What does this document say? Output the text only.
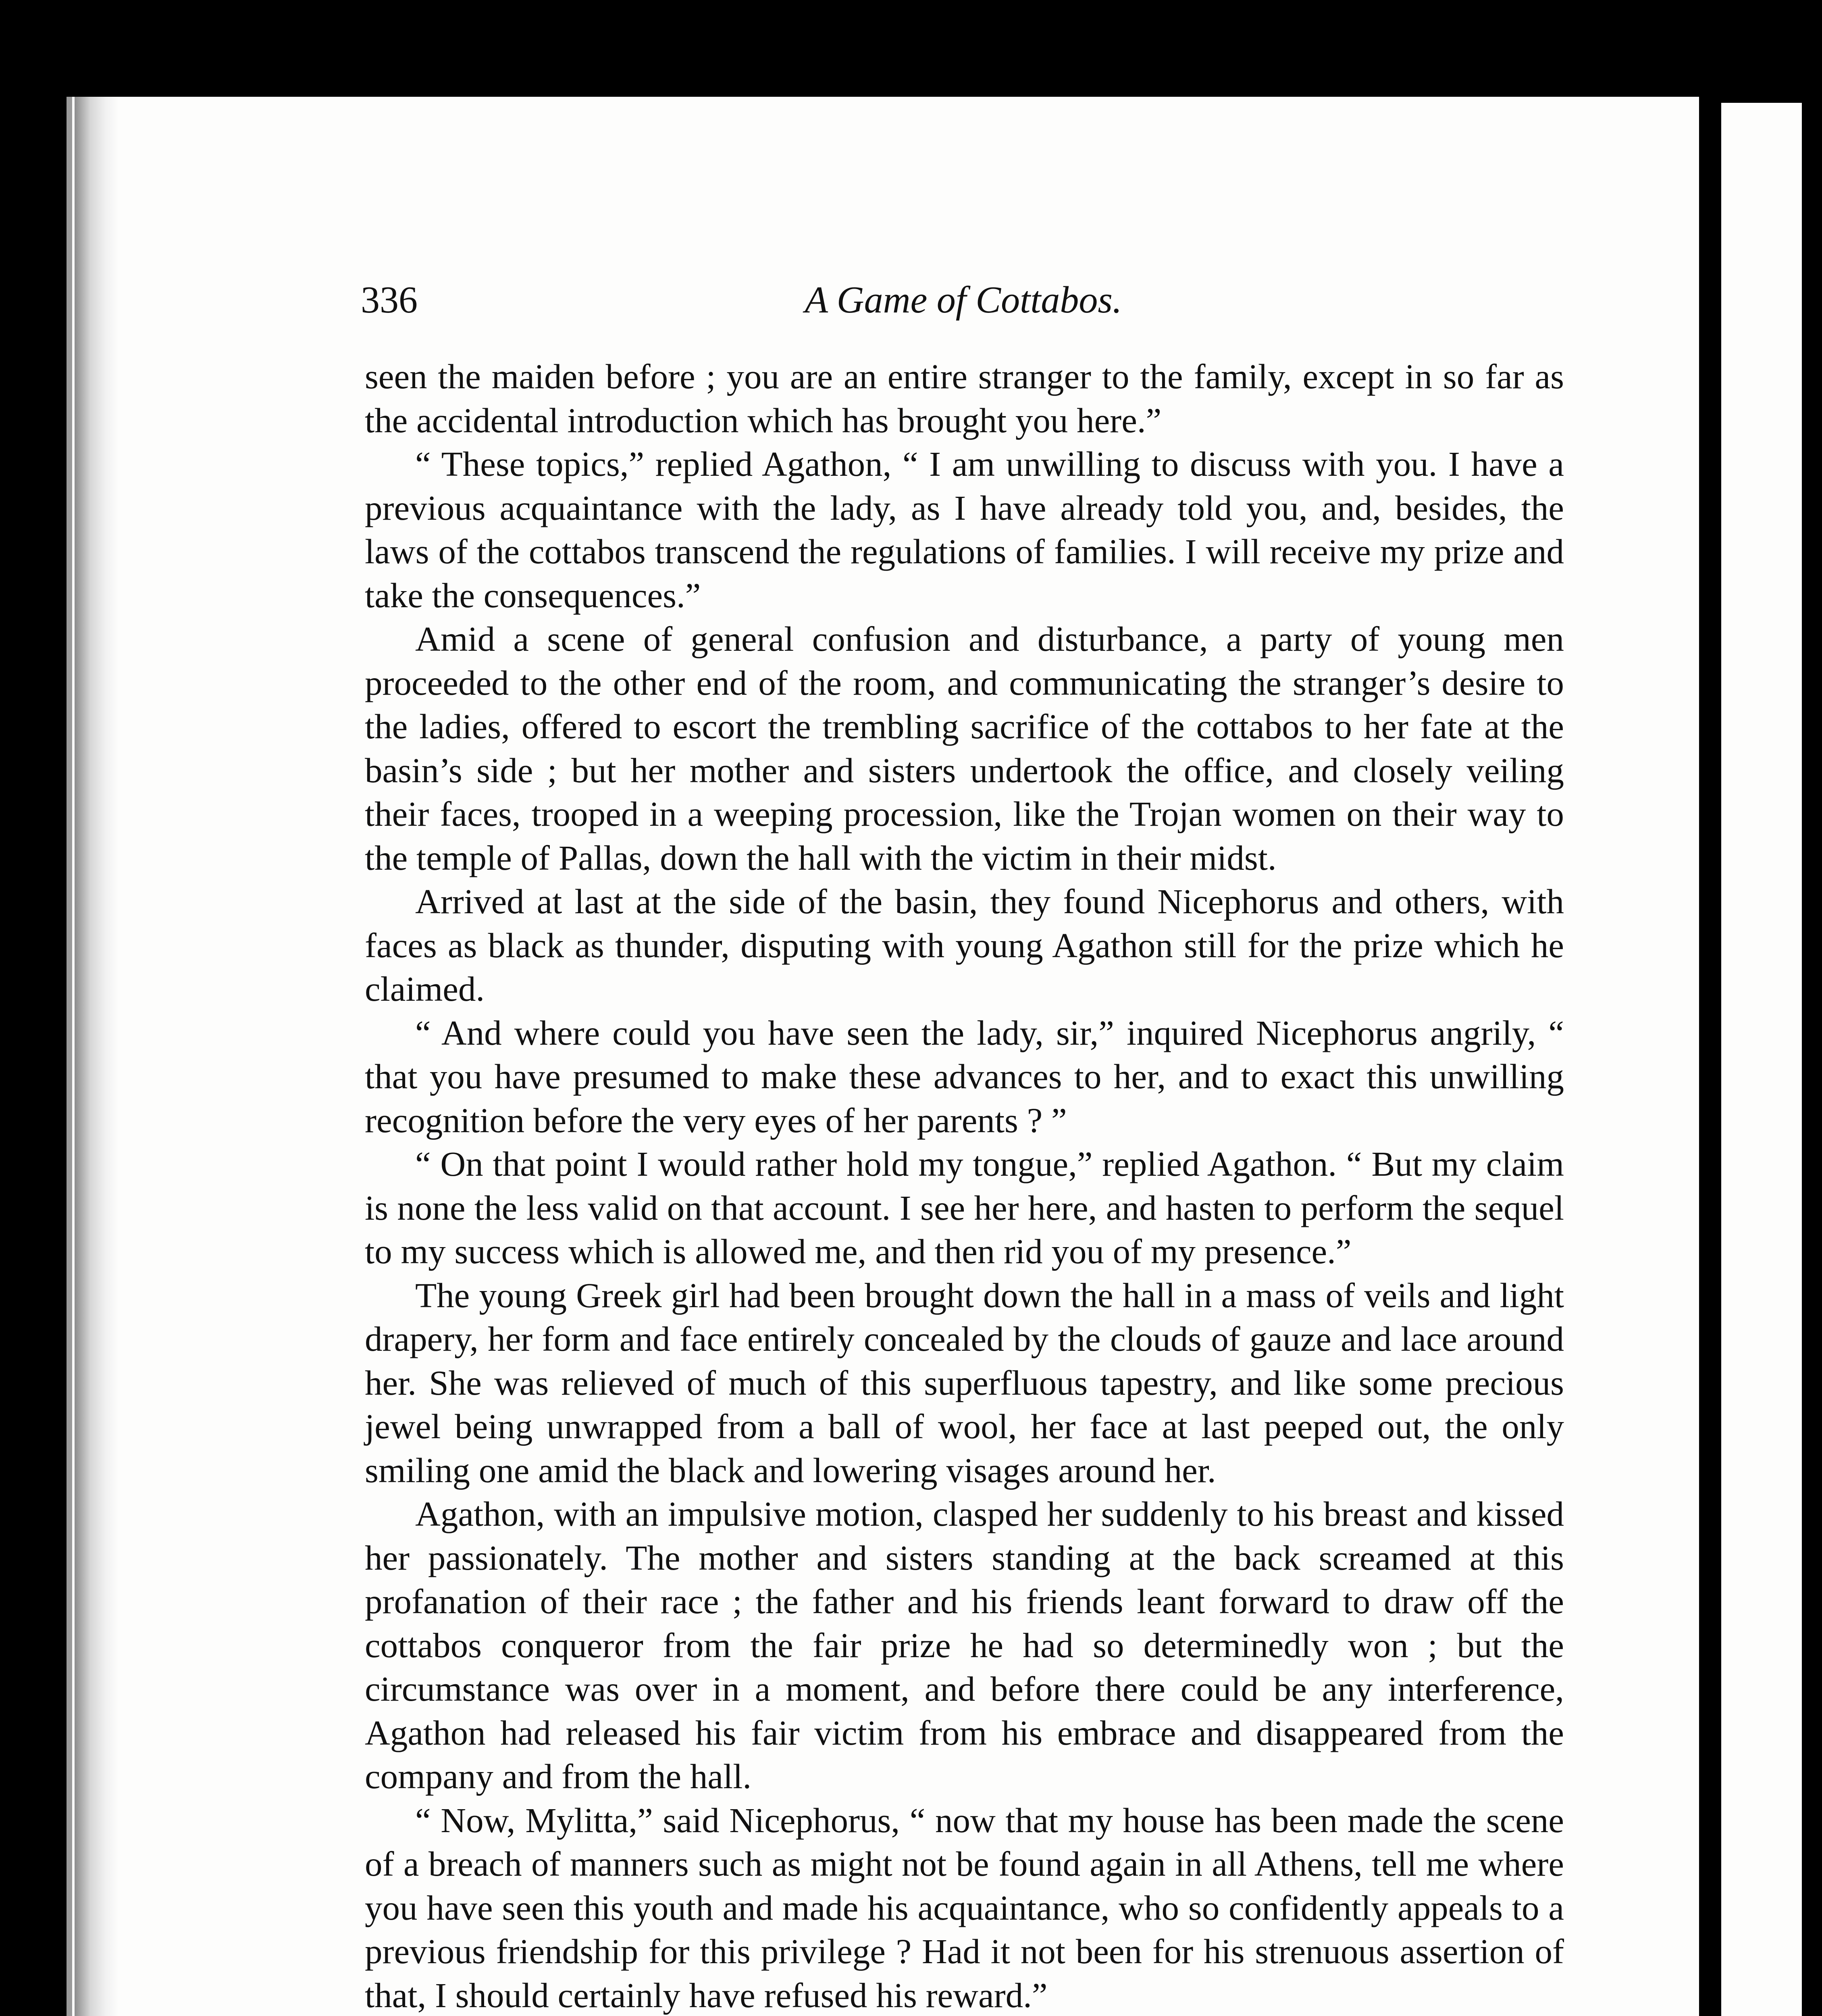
336	A Game of Cottabos.

seen the maiden before ; you are an entire stranger to the family, except in so far as the accidental introduction which has brought you here.”

“ These topics,” replied Agathon, “ I am unwilling to discuss with you. I have a previous acquaintance with the lady, as I have already told you, and, besides, the laws of the cottabos transcend the regulations of families. I will receive my prize and take the consequences.”

Amid a scene of general confusion and disturbance, a party of young men proceeded to the other end of the room, and communicating the stranger’s desire to the ladies, offered to escort the trembling sacrifice of the cottabos to her fate at the basin’s side ; but her mother and sisters undertook the office, and closely veiling their faces, trooped in a weeping procession, like the Trojan women on their way to the temple of Pallas, down the hall with the victim in their midst.

Arrived at last at the side of the basin, they found Nicephorus and others, with faces as black as thunder, disputing with young Agathon still for the prize which he claimed.

“ And where could you have seen the lady, sir,” inquired Nicephorus angrily, “ that you have presumed to make these advances to her, and to exact this unwilling recognition before the very eyes of her parents ? ”

“ On that point I would rather hold my tongue,” replied Agathon. “ But my claim is none the less valid on that account. I see her here, and hasten to perform the sequel to my success which is allowed me, and then rid you of my presence.”

The young Greek girl had been brought down the hall in a mass of veils and light drapery, her form and face entirely concealed by the clouds of gauze and lace around her. She was relieved of much of this superfluous tapestry, and like some precious jewel being unwrapped from a ball of wool, her face at last peeped out, the only smiling one amid the black and lowering visages around her.

Agathon, with an impulsive motion, clasped her suddenly to his breast and kissed her passionately. The mother and sisters standing at the back screamed at this profanation of their race ; the father and his friends leant forward to draw off the cottabos conqueror from the fair prize he had so determinedly won ; but the circumstance was over in a moment, and before there could be any interference, Agathon had released his fair victim from his embrace and disappeared from the company and from the hall.

“ Now, Mylitta,” said Nicephorus, “ now that my house has been made the scene of a breach of manners such as might not be found again in all Athens, tell me where you have seen this youth and made his acquaintance, who so confidently appeals to a previous friendship for this privilege ? Had it not been for his strenuous assertion of that, I should certainly have refused his reward.”
